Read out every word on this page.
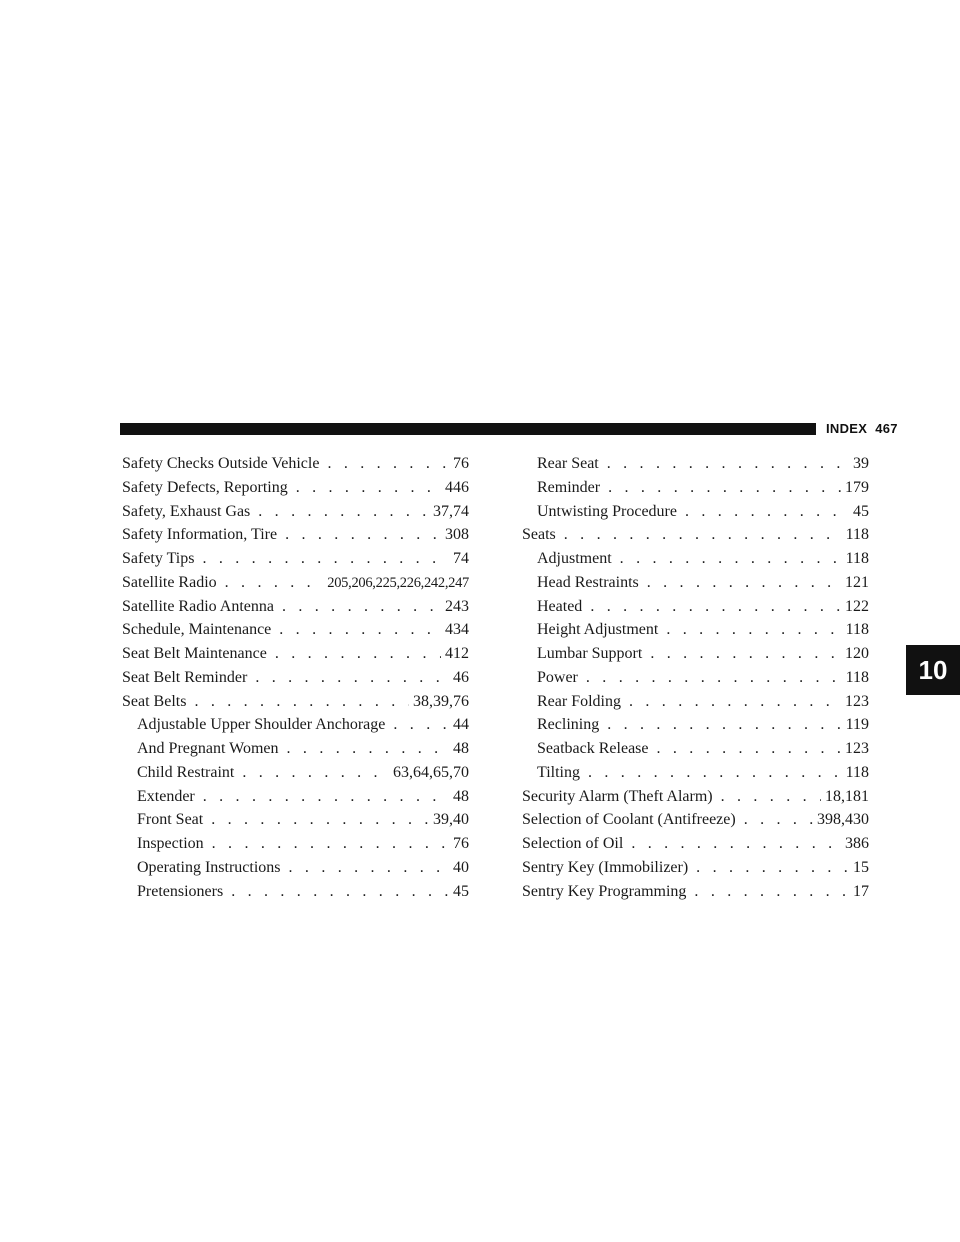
INDEX 467
Safety Checks Outside Vehicle . . .	76
Safety Defects, Reporting . . .	446
Safety, Exhaust Gas . . .	37,74
Safety Information, Tire . . .	308
Safety Tips . . .	74
Satellite Radio . . .	205,206,225,226,242,247
Satellite Radio Antenna . . .	243
Schedule, Maintenance . . .	434
Seat Belt Maintenance . . .	412
Seat Belt Reminder . . .	46
Seat Belts . . .	38,39,76
Adjustable Upper Shoulder Anchorage . . .	44
And Pregnant Women . . .	48
Child Restraint . . .	63,64,65,70
Extender . . .	48
Front Seat . . .	39,40
Inspection . . .	76
Operating Instructions . . .	40
Pretensioners . . .	45
Rear Seat . . .	39
Reminder . . .	179
Untwisting Procedure . . .	45
Seats . . .	118
Adjustment . . .	118
Head Restraints . . .	121
Heated . . .	122
Height Adjustment . . .	118
Lumbar Support . . .	120
Power . . .	118
Rear Folding . . .	123
Reclining . . .	119
Seatback Release . . .	123
Tilting . . .	118
Security Alarm (Theft Alarm) . . .	18,181
Selection of Coolant (Antifreeze) . . .	398,430
Selection of Oil . . .	386
Sentry Key (Immobilizer) . . .	15
Sentry Key Programming . . .	17
10
